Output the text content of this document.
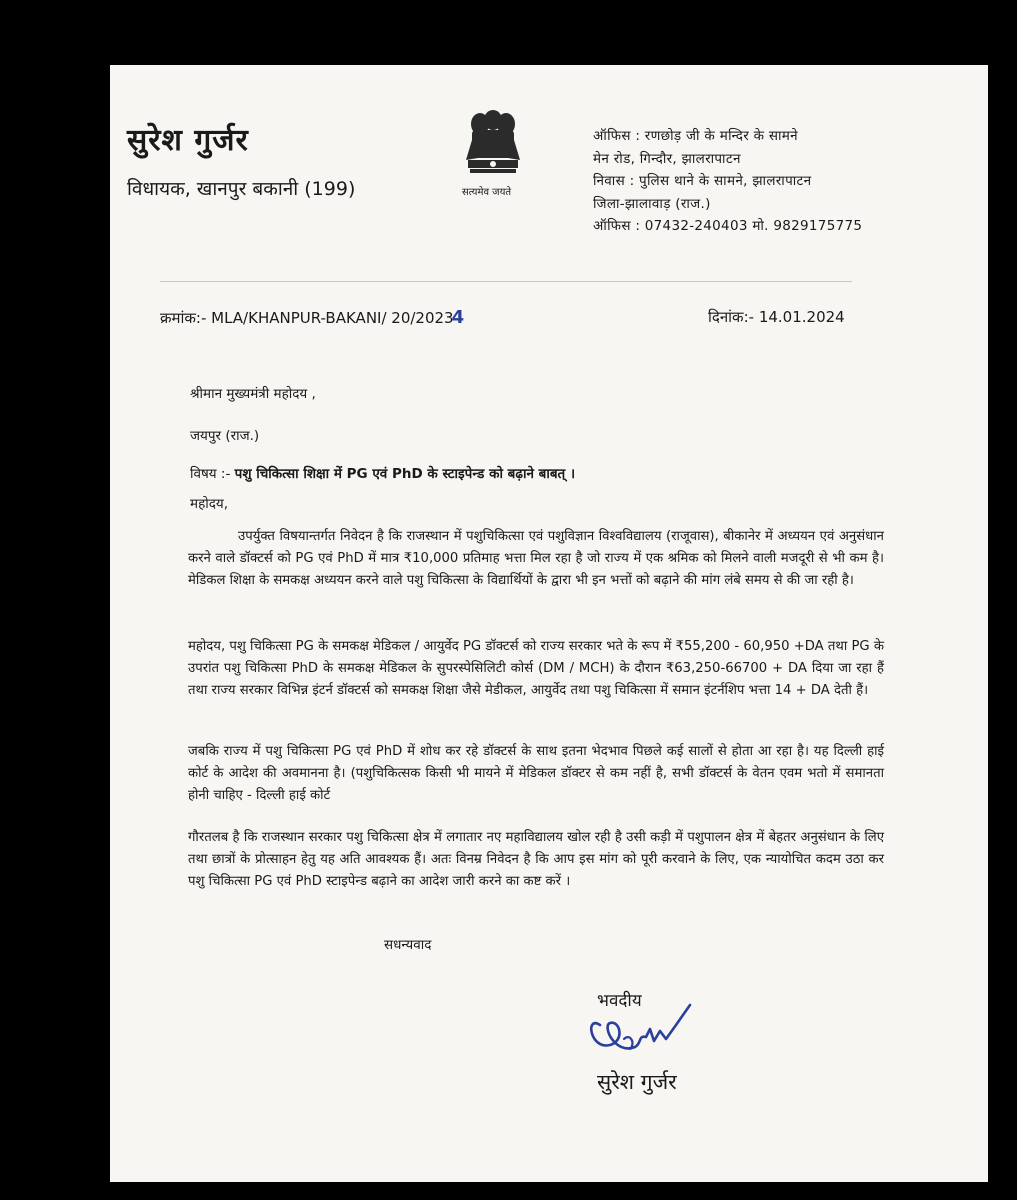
सुरेश गुर्जर
विधायक, खानपुर बकानी (199)	सत्यमेव जयते
ऑफिस : रणछोड़ जी के मन्दिर के सामने
मेन रोड, गिन्दौर, झालरापाटन
निवास : पुलिस थाने के सामने, झालरापाटन
जिला-झालावाड़ (राज.)
ऑफिस : 07432-240403 मो. 9829175775
क्रमांक:- MLA/KHANPUR-BAKANI/ 20/20234	दिनांक:- 14.01.2024
श्रीमान मुख्यमंत्री महोदय ,
जयपुर (राज.)
विषय :- पशु चिकित्सा शिक्षा में PG एवं PhD के स्टाइपेन्ड को बढ़ाने बाबत् ।
महोदय,
उपर्युक्त विषयान्तर्गत निवेदन है कि राजस्थान में पशुचिकित्सा एवं पशुविज्ञान विश्वविद्यालय (राजूवास), बीकानेर में अध्ययन एवं अनुसंधान करने वाले डॉक्टर्स को PG एवं PhD में मात्र ₹10,000 प्रतिमाह भत्ता मिल रहा है जो राज्य में एक श्रमिक को मिलने वाली मजदूरी से भी कम है। मेडिकल शिक्षा के समकक्ष अध्ययन करने वाले पशु चिकित्सा के विद्यार्थियों के द्वारा भी इन भत्तों को बढ़ाने की मांग लंबे समय से की जा रही है।
महोदय, पशु चिकित्सा PG के समकक्ष मेडिकल / आयुर्वेद PG डॉक्टर्स को राज्य सरकार भते के रूप में ₹55,200 - 60,950 +DA तथा PG के उपरांत पशु चिकित्सा PhD के समकक्ष मेडिकल के सुपरस्पेसिलिटी कोर्स (DM / MCH) के दौरान ₹63,250-66700 + DA दिया जा रहा हैं तथा राज्य सरकार विभिन्न इंटर्न डॉक्टर्स को समकक्ष शिक्षा जैसे मेडीकल, आयुर्वेद तथा पशु चिकित्सा में समान इंटर्नशिप भत्ता 14 + DA देती हैं।
जबकि राज्य में पशु चिकित्सा PG एवं PhD में शोध कर रहे डॉक्टर्स के साथ इतना भेदभाव पिछले कई सालों से होता आ रहा है। यह दिल्ली हाई कोर्ट के आदेश की अवमानना है। (पशुचिकित्सक किसी भी मायने में मेडिकल डॉक्टर से कम नहीं है, सभी डॉक्टर्स के वेतन एवम भतो में समानता होनी चाहिए - दिल्ली हाई कोर्ट
गौरतलब है कि राजस्थान सरकार पशु चिकित्सा क्षेत्र में लगातार नए महाविद्यालय खोल रही है उसी कड़ी में पशुपालन क्षेत्र में बेहतर अनुसंधान के लिए तथा छात्रों के प्रोत्साहन हेतु यह अति आवश्यक हैं। अतः विनम्र निवेदन है कि आप इस मांग को पूरी करवाने के लिए, एक न्यायोचित कदम उठा कर पशु चिकित्सा PG एवं PhD स्टाइपेन्ड बढ़ाने का आदेश जारी करने का कष्ट करें ।
सधन्यवाद
भवदीय
सुरेश गुर्जर
